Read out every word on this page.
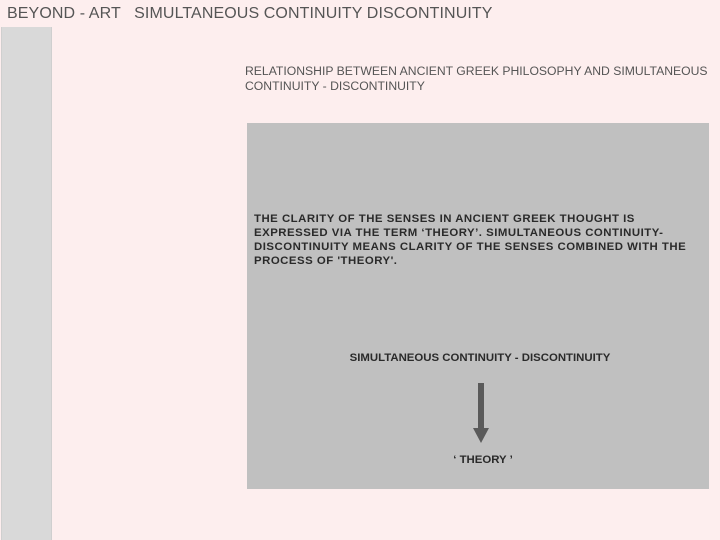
BEYOND - ART   SIMULTANEOUS CONTINUITY DISCONTINUITY
RELATIONSHIP BETWEEN ANCIENT GREEK PHILOSOPHY AND SIMULTANEOUS CONTINUITY - DISCONTINUITY
THE CLARITY OF THE SENSES IN ANCIENT GREEK THOUGHT IS EXPRESSED VIA THE TERM ‘THEORY’. SIMULTANEOUS CONTINUITY-DISCONTINUITY MEANS CLARITY OF THE SENSES COMBINED WITH THE PROCESS OF 'THEORY'.
SIMULTANEOUS CONTINUITY - DISCONTINUITY
‘ THEORY ’
